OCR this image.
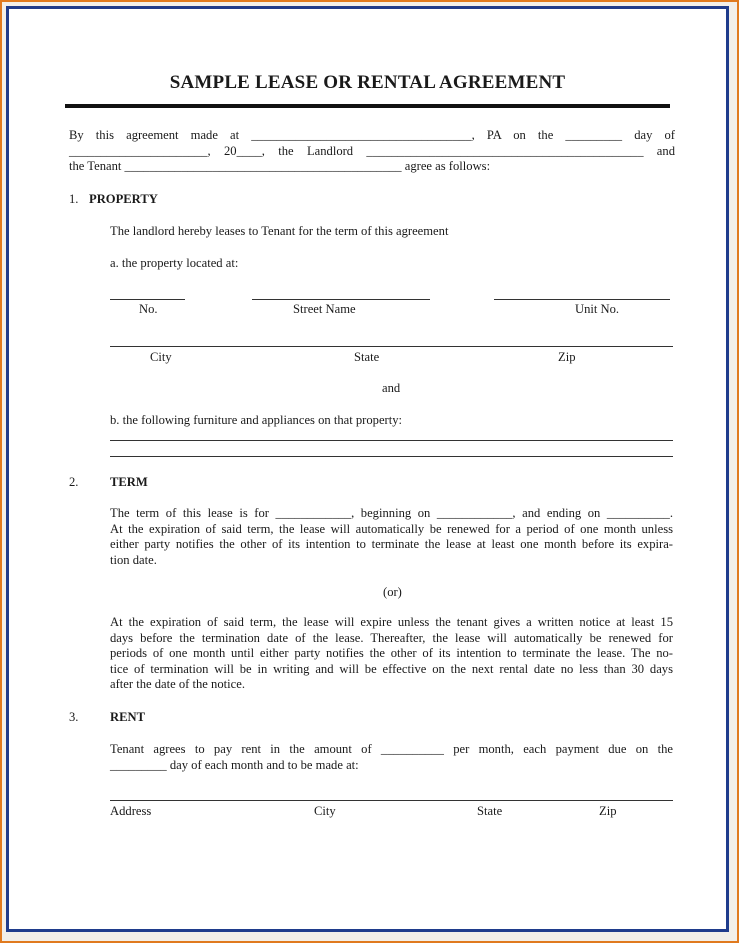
SAMPLE LEASE OR RENTAL AGREEMENT
By this agreement made at ___________________________________, PA on the _________ day of
______________________, 20____, the Landlord ____________________________________________ and
the Tenant ____________________________________________ agree as follows:
1. PROPERTY
The landlord hereby leases to Tenant for the term of this agreement
a. the property located at:
No.	Street Name	Unit No.
City	State	Zip
and
b. the following furniture and appliances on that property:
2.	TERM
The term of this lease is for ____________, beginning on ____________, and ending on __________.
At the expiration of said term, the lease will automatically be renewed for a period of one month unless
either party notifies the other of its intention to terminate the lease at least one month before its expira-
tion date.
(or)
At the expiration of said term, the lease will expire unless the tenant gives a written notice at least 15
days before the termination date of the lease. Thereafter, the lease will automatically be renewed for
periods of one month until either party notifies the other of its intention to terminate the lease. The no-
tice of termination will be in writing and will be effective on the next rental date no less than 30 days
after the date of the notice.
3.	RENT
Tenant agrees to pay rent in the amount of __________ per month, each payment due on the
_________ day of each month and to be made at:
Address	City	State	Zip
